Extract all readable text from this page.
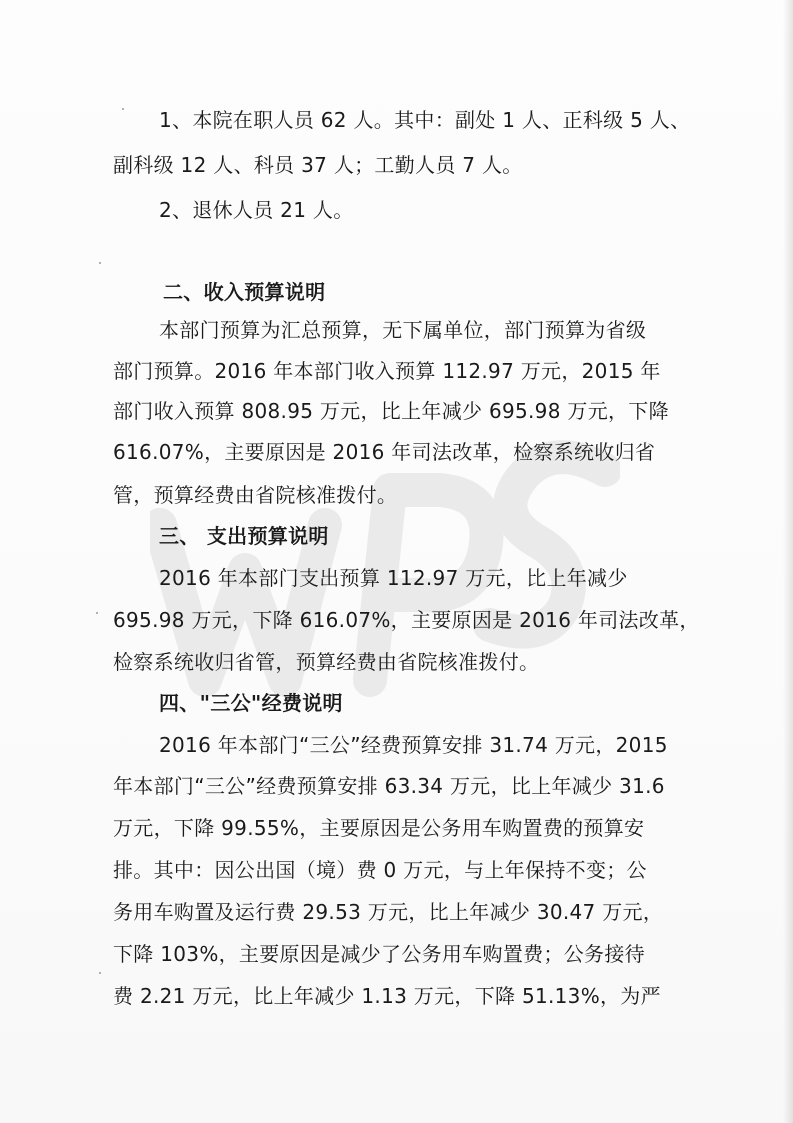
1、本院在职人员 62 人。其中：副处 1 人、正科级 5 人、
副科级 12 人、科员 37 人；工勤人员 7 人。
2、退休人员 21 人。
二、收入预算说明
本部门预算为汇总预算，无下属单位，部门预算为省级
部门预算。2016 年本部门收入预算 112.97 万元，2015 年
部门收入预算 808.95 万元，比上年减少 695.98 万元，下降
616.07%，主要原因是 2016 年司法改革，检察系统收归省
管，预算经费由省院核准拨付。
三、 支出预算说明
2016 年本部门支出预算 112.97 万元，比上年减少
695.98 万元，下降 616.07%，主要原因是 2016 年司法改革，
检察系统收归省管，预算经费由省院核准拨付。
四、"三公"经费说明
2016 年本部门“三公”经费预算安排 31.74 万元，2015
年本部门“三公”经费预算安排 63.34 万元，比上年减少 31.6
万元，下降 99.55%，主要原因是公务用车购置费的预算安
排。其中：因公出国（境）费 0 万元，与上年保持不变；公
务用车购置及运行费 29.53 万元，比上年减少 30.47 万元，
下降 103%，主要原因是减少了公务用车购置费；公务接待
费 2.21 万元，比上年减少 1.13 万元，下降 51.13%，为严
